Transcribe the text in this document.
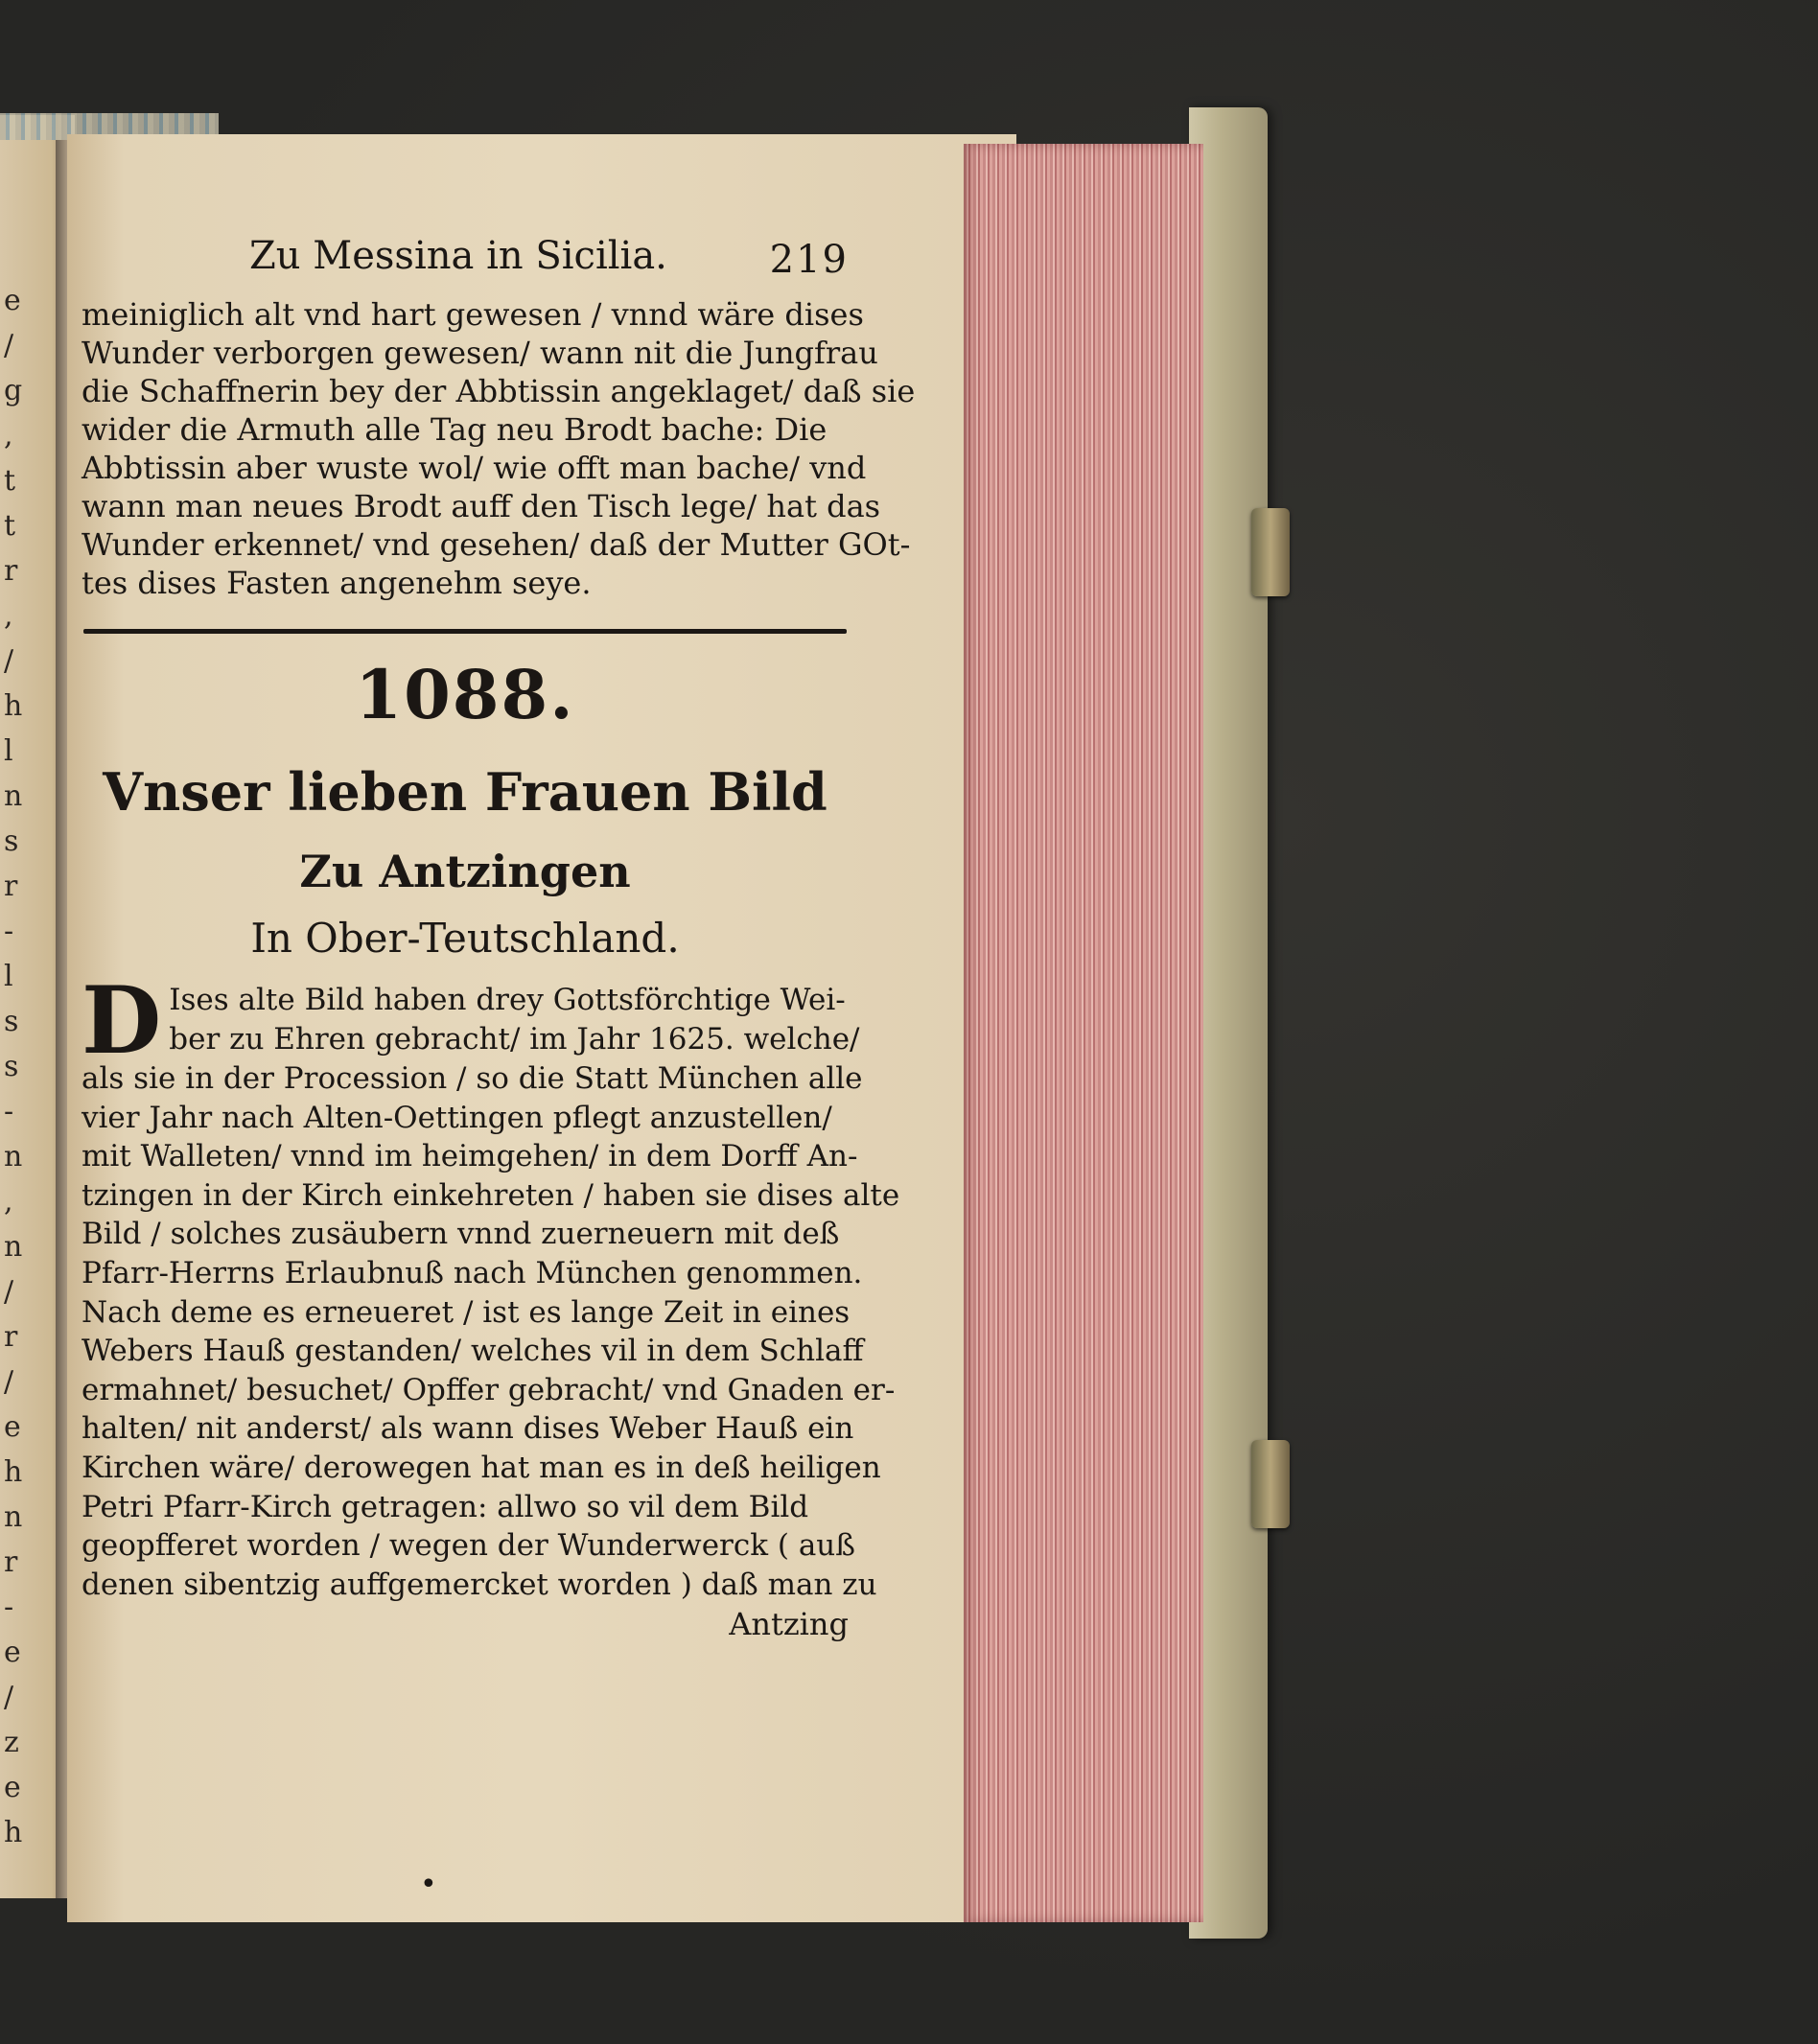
e
/
g
,
t
t
r
,
/
h
l
n
s
r
-
l
s
s
-
n
,
n
/
r
/
e
h
n
r
-
e
/
z
e
h
Zu Messina in Sicilia.	219
meiniglich alt vnd hart gewesen / vnnd wäre dises
Wunder verborgen gewesen/ wann nit die Jungfrau
die Schaffnerin bey der Abbtissin angeklaget/ daß sie
wider die Armuth alle Tag neu Brodt bache: Die
Abbtissin aber wuste wol/ wie offt man bache/ vnd
wann man neues Brodt auff den Tisch lege/ hat das
Wunder erkennet/ vnd gesehen/ daß der Mutter GOt-
tes dises Fasten angenehm seye.
1088.
Vnser lieben Frauen Bild
Zu Antzingen
In Ober-Teutschland.
D Ises alte Bild haben drey Gottsförchtige Wei-
ber zu Ehren gebracht/ im Jahr 1625. welche/
als sie in der Procession / so die Statt München alle
vier Jahr nach Alten-Oettingen pflegt anzustellen/
mit Walleten/ vnnd im heimgehen/ in dem Dorff An-
tzingen in der Kirch einkehreten / haben sie dises alte
Bild / solches zusäubern vnnd zuerneuern mit deß
Pfarr-Herrns Erlaubnuß nach München genommen.
Nach deme es erneueret / ist es lange Zeit in eines
Webers Hauß gestanden/ welches vil in dem Schlaff
ermahnet/ besuchet/ Opffer gebracht/ vnd Gnaden er-
halten/ nit anderst/ als wann dises Weber Hauß ein
Kirchen wäre/ derowegen hat man es in deß heiligen
Petri Pfarr-Kirch getragen: allwo so vil dem Bild
geopfferet worden / wegen der Wunderwerck ( auß
denen sibentzig auffgemercket worden ) daß man zu
Antzing
•
